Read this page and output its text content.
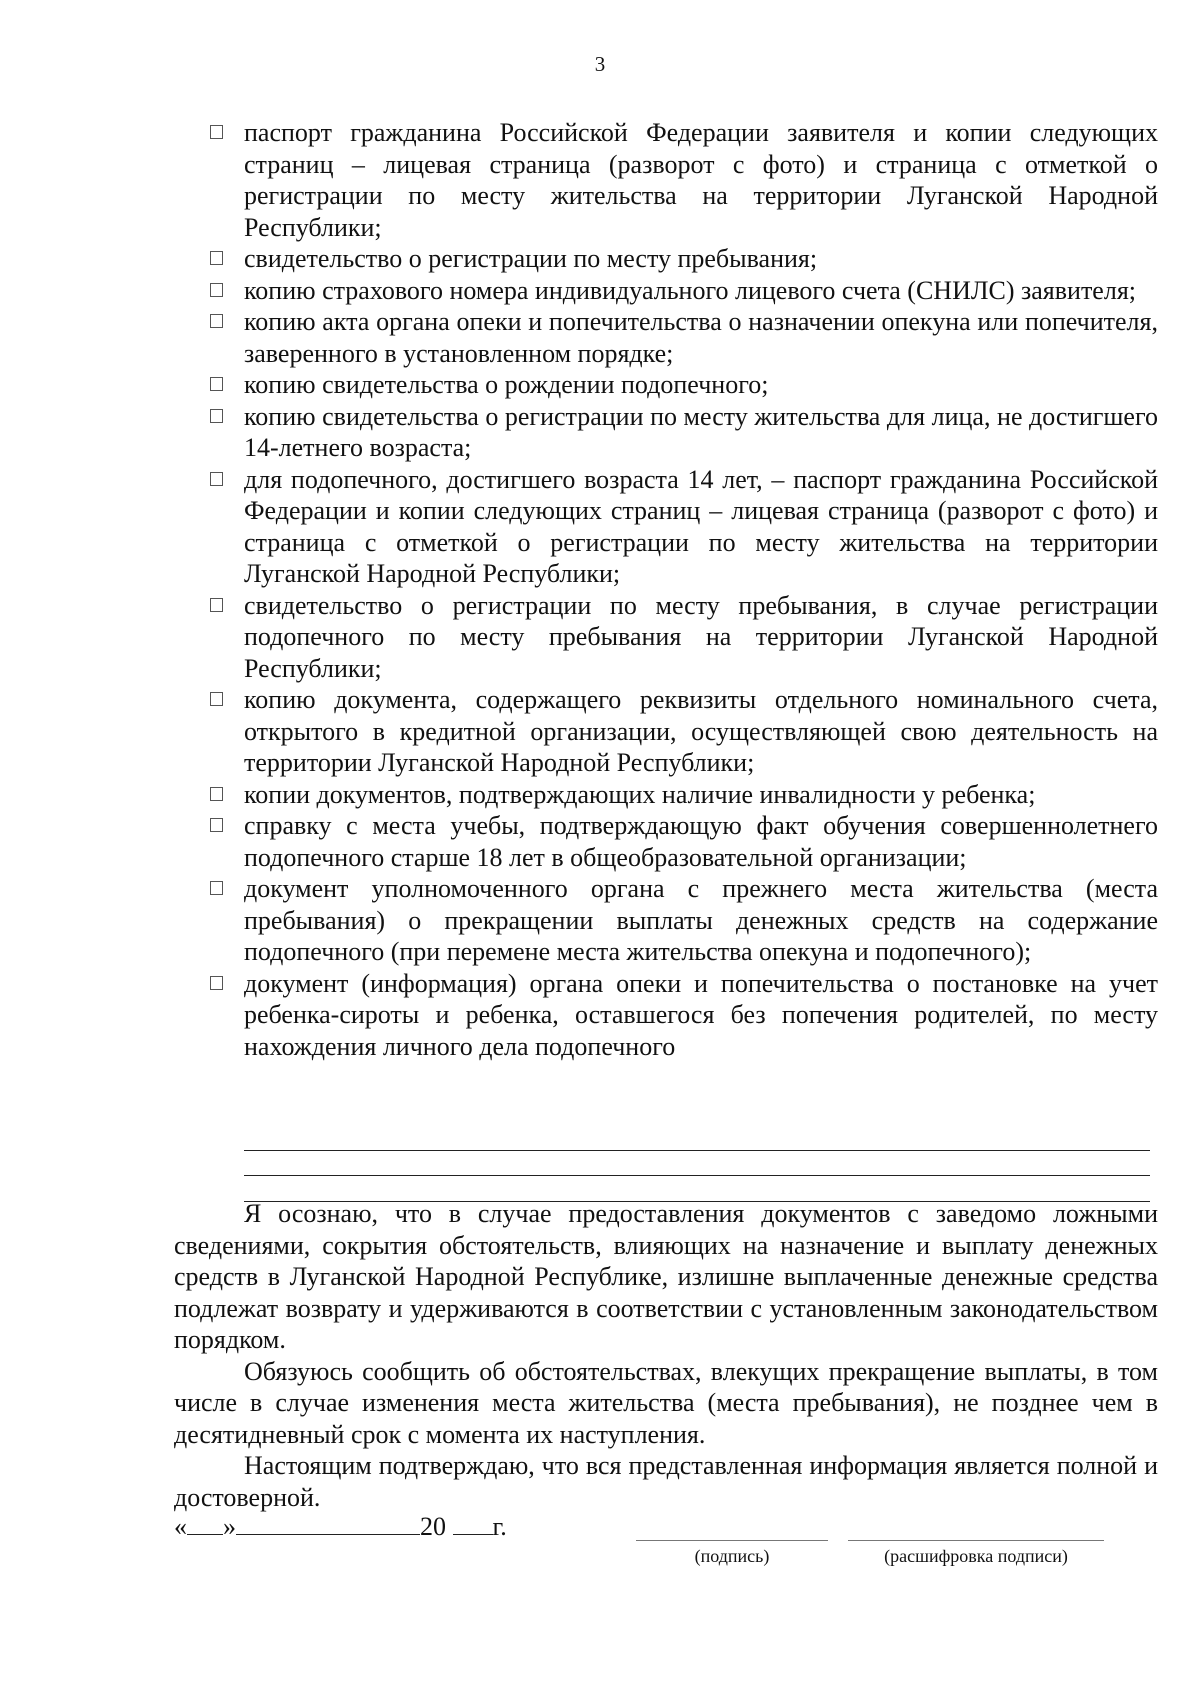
3
паспорт гражданина Российской Федерации заявителя и копии следующих страниц – лицевая страница (разворот с фото) и страница с отметкой о регистрации по месту жительства на территории Луганской Народной Республики;
свидетельство о регистрации по месту пребывания;
копию страхового номера индивидуального лицевого счета (СНИЛС) заявителя;
копию акта органа опеки и попечительства о назначении опекуна или попечителя, заверенного в установленном порядке;
копию свидетельства о рождении подопечного;
копию свидетельства о регистрации по месту жительства для лица, не достигшего 14-летнего возраста;
для подопечного, достигшего возраста 14 лет, – паспорт гражданина Российской Федерации и копии следующих страниц – лицевая страница (разворот с фото) и страница с отметкой о регистрации по месту жительства на территории Луганской Народной Республики;
свидетельство о регистрации по месту пребывания, в случае регистрации подопечного по месту пребывания на территории Луганской Народной Республики;
копию документа, содержащего реквизиты отдельного номинального счета, открытого в кредитной организации, осуществляющей свою деятельность на территории Луганской Народной Республики;
копии документов, подтверждающих наличие инвалидности у ребенка;
справку с места учебы, подтверждающую факт обучения совершеннолетнего подопечного старше 18 лет в общеобразовательной организации;
документ уполномоченного органа с прежнего места жительства (места пребывания) о прекращении выплаты денежных средств на содержание подопечного (при перемене места жительства опекуна и подопечного);
документ (информация) органа опеки и попечительства о постановке на учет ребенка-сироты и ребенка, оставшегося без попечения родителей, по месту нахождения личного дела подопечного

Я осознаю, что в случае предоставления документов с заведомо ложными сведениями, сокрытия обстоятельств, влияющих на назначение и выплату денежных средств в Луганской Народной Республике, излишне выплаченные денежные средства подлежат возврату и удерживаются в соответствии с установленным законодательством порядком.

Обязуюсь сообщить об обстоятельствах, влекущих прекращение выплаты, в том числе в случае изменения места жительства (места пребывания), не позднее чем в десятидневный срок с момента их наступления.

Настоящим подтверждаю, что вся представленная информация является полной и достоверной.

« »	20 г.
(подпись)	(расшифровка подписи)
